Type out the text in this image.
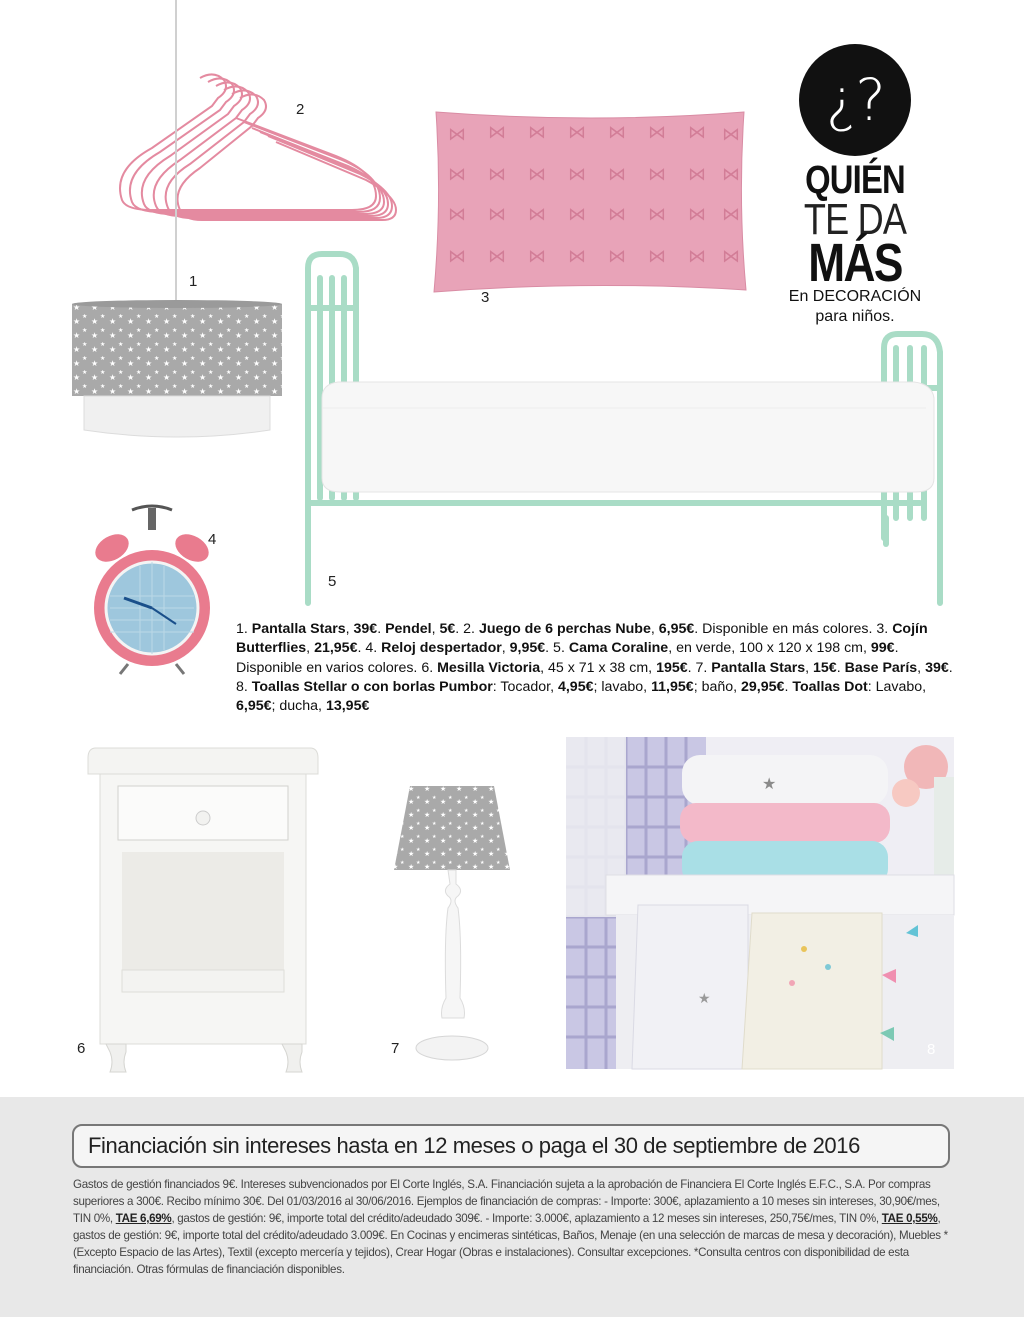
¿?
QUIÉN
TE DA
MÁS
En DECORACIÓN
para niños.
2
1
⋈ ⋈ ⋈ ⋈ ⋈ ⋈ ⋈ ⋈
⋈ ⋈ ⋈ ⋈ ⋈ ⋈ ⋈ ⋈
⋈ ⋈ ⋈ ⋈ ⋈ ⋈ ⋈ ⋈
⋈ ⋈ ⋈ ⋈ ⋈ ⋈ ⋈ ⋈
3
5
4
1. Pantalla Stars, 39€. Pendel, 5€. 2. Juego de 6 perchas Nube, 6,95€. Disponible en más colores. 3. Cojín Butterflies, 21,95€. 4. Reloj despertador, 9,95€. 5. Cama Coraline, en verde, 100 x 120 x 198 cm, 99€. Disponible en varios colores. 6. Mesilla Victoria, 45 x 71 x 38 cm, 195€. 7. Pantalla Stars, 15€. Base París, 39€. 8. Toallas Stellar o con borlas Pumbor: Tocador, 4,95€; lavabo, 11,95€; baño, 29,95€. Toallas Dot: Lavabo, 6,95€; ducha, 13,95€
6	7
★
★
8
Financiación sin intereses hasta en 12 meses o paga el 30 de septiembre de 2016
Gastos de gestión financiados 9€. Intereses subvencionados por El Corte Inglés, S.A. Financiación sujeta a la aprobación de Financiera El Corte Inglés E.F.C., S.A. Por compras superiores a 300€. Recibo mínimo 30€. Del 01/03/2016 al 30/06/2016. Ejemplos de financiación de compras: - Importe: 300€, aplazamiento a 10 meses sin intereses, 30,90€/mes, TIN 0%, TAE 6,69%, gastos de gestión: 9€, importe total del crédito/adeudado 309€. - Importe: 3.000€, aplazamiento a 12 meses sin intereses, 250,75€/mes, TIN 0%, TAE 0,55%, gastos de gestión: 9€, importe total del crédito/adeudado 3.009€. En Cocinas y encimeras sintéticas, Baños, Menaje (en una selección de marcas de mesa y decoración), Muebles *(Excepto Espacio de las Artes), Textil (excepto mercería y tejidos), Crear Hogar (Obras e instalaciones). Consultar excepciones. *Consulta centros con disponibilidad de esta financiación. Otras fórmulas de financiación disponibles.
